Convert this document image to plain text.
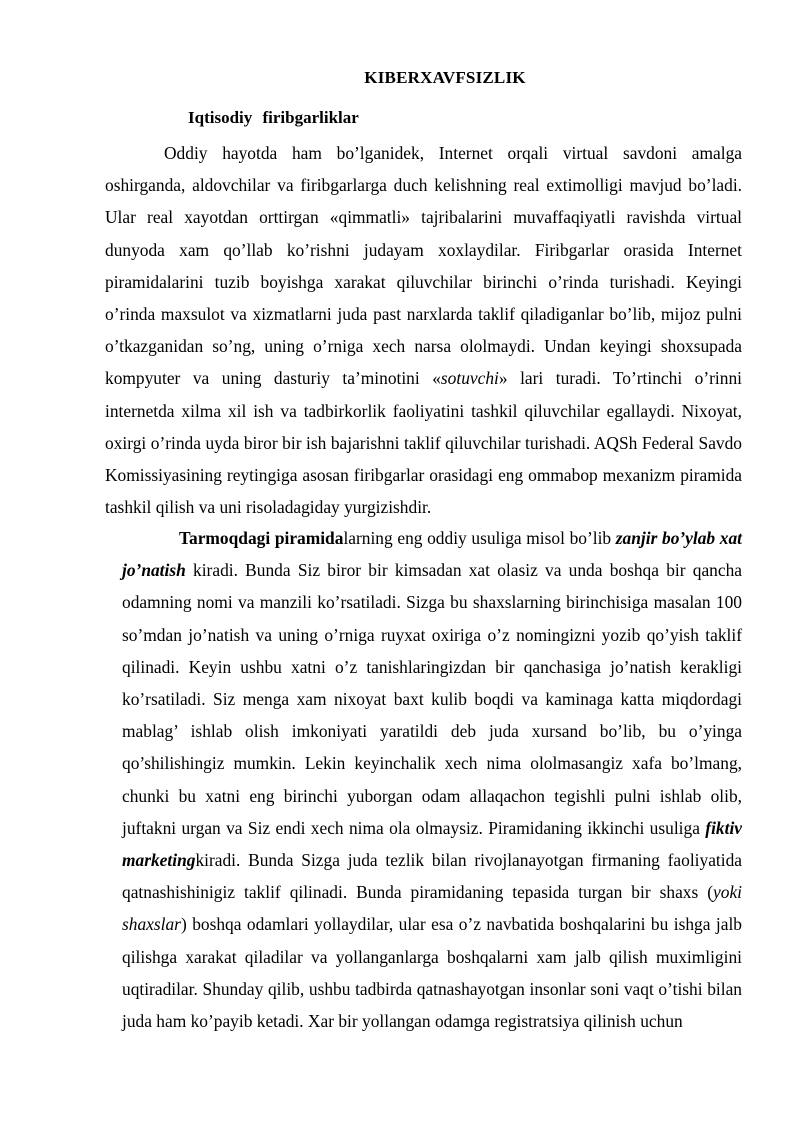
KIBERXAVFSIZLIK
Iqtisodiy firibgarliklar
Oddiy hayotda ham bo’lganidek, Internet orqali virtual savdoni amalga oshirganda, aldovchilar va firibgarlarga duch kelishning real extimolligi mavjud bo’ladi. Ular real xayotdan orttirgan «qimmatli» tajribalarini muvaffaqiyatli ravishda virtual dunyoda xam qo’llab ko’rishni judayam xoxlaydilar. Firibgarlar orasida Internet piramidalarini tuzib boyishga xarakat qiluvchilar birinchi o’rinda turishadi. Keyingi o’rinda maxsulot va xizmatlarni juda past narxlarda taklif qiladiganlar bo’lib, mijoz pulni o’tkazganidan so’ng, uning o’rniga xech narsa ololmaydi. Undan keyingi shoxsupada kompyuter va uning dasturiy ta’minotini «sotuvchi» lari turadi. To’rtinchi o’rinni internetda xilma xil ish va tadbirkorlik faoliyatini tashkil qiluvchilar egallaydi. Nixoyat, oxirgi o’rinda uyda biror bir ish bajarishni taklif qiluvchilar turishadi. AQSh Federal Savdo Komissiyasining reytingiga asosan firibgarlar orasidagi eng ommabop mexanizm piramida tashkil qilish va uni risoladagiday yurgizishdir.
Tarmoqdagi piramidalarning eng oddiy usuliga misol bo’lib zanjir bo’ylab xat jo’natish kiradi. Bunda Siz biror bir kimsadan xat olasiz va unda boshqa bir qancha odamning nomi va manzili ko’rsatiladi. Sizga bu shaxslarning birinchisiga masalan 100 so’mdan jo’natish va uning o’rniga ruyxat oxiriga o’z nomingizni yozib qo’yish taklif qilinadi. Keyin ushbu xatni o’z tanishlaringizdan bir qanchasiga jo’natish kerakligi ko’rsatiladi. Siz menga xam nixoyat baxt kulib boqdi va kaminaga katta miqdordagi mablag’ ishlab olish imkoniyati yaratildi deb juda xursand bo’lib, bu o’yinga qo’shilishingiz mumkin. Lekin keyinchalik xech nima ololmasangiz xafa bo’lmang, chunki bu xatni eng birinchi yuborgan odam allaqachon tegishli pulni ishlab olib, juftakni urgan va Siz endi xech nima ola olmaysiz. Piramidaning ikkinchi usuliga fiktiv marketingkiradi. Bunda Sizga juda tezlik bilan rivojlanayotgan firmaning faoliyatida qatnashishinigiz taklif qilinadi. Bunda piramidaning tepasida turgan bir shaxs (yoki shaxslar) boshqa odamlari yollaydilar, ular esa o’z navbatida boshqalarini bu ishga jalb qilishga xarakat qiladilar va yollanganlarga boshqalarni xam jalb qilish muximligini uqtiradilar. Shunday qilib, ushbu tadbirda qatnashayotgan insonlar soni vaqt o’tishi bilan juda ham ko’payib ketadi. Xar bir yollangan odamga registratsiya qilinish uchun
